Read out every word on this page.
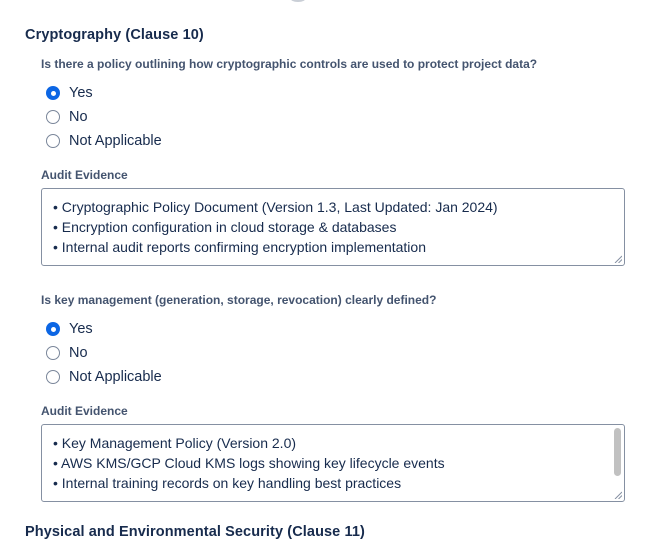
Cryptography (Clause 10)
Is there a policy outlining how cryptographic controls are used to protect project data?
Yes
No
Not Applicable
Audit Evidence
• Cryptographic Policy Document (Version 1.3, Last Updated: Jan 2024)
• Encryption configuration in cloud storage & databases
• Internal audit reports confirming encryption implementation
Is key management (generation, storage, revocation) clearly defined?
Yes
No
Not Applicable
Audit Evidence
• Key Management Policy (Version 2.0)
• AWS KMS/GCP Cloud KMS logs showing key lifecycle events
• Internal training records on key handling best practices
Physical and Environmental Security (Clause 11)
